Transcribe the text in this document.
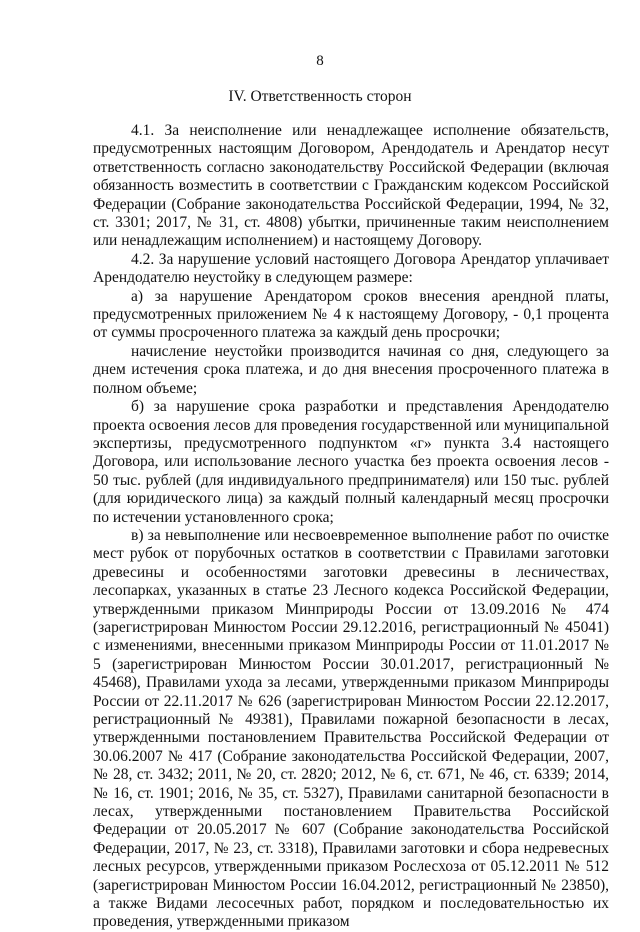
8
IV. Ответственность сторон

4.1. За неисполнение или ненадлежащее исполнение обязательств, предусмотренных настоящим Договором, Арендодатель и Арендатор несут ответственность согласно законодательству Российской Федерации (включая обязанность возместить в соответствии с Гражданским кодексом Российской Федерации (Собрание законодательства Российской Федерации, 1994, № 32, ст. 3301; 2017, № 31, ст. 4808) убытки, причиненные таким неисполнением или ненадлежащим исполнением) и настоящему Договору.

4.2. За нарушение условий настоящего Договора Арендатор уплачивает Арендодателю неустойку в следующем размере:

а) за нарушение Арендатором сроков внесения арендной платы, предусмотренных приложением № 4 к настоящему Договору, - 0,1 процента от суммы просроченного платежа за каждый день просрочки;

начисление неустойки производится начиная со дня, следующего за днем истечения срока платежа, и до дня внесения просроченного платежа в полном объеме;

б) за нарушение срока разработки и представления Арендодателю проекта освоения лесов для проведения государственной или муниципальной экспертизы, предусмотренного подпунктом «г» пункта 3.4 настоящего Договора, или использование лесного участка без проекта освоения лесов - 50 тыс. рублей (для индивидуального предпринимателя) или 150 тыс. рублей (для юридического лица) за каждый полный календарный месяц просрочки по истечении установленного срока;

в) за невыполнение или несвоевременное выполнение работ по очистке мест рубок от порубочных остатков в соответствии с Правилами заготовки древесины и особенностями заготовки древесины в лесничествах, лесопарках, указанных в статье 23 Лесного кодекса Российской Федерации, утвержденными приказом Минприроды России от 13.09.2016 № 474 (зарегистрирован Минюстом России 29.12.2016, регистрационный № 45041) с изменениями, внесенными приказом Минприроды России от 11.01.2017 № 5 (зарегистрирован Минюстом России 30.01.2017, регистрационный № 45468), Правилами ухода за лесами, утвержденными приказом Минприроды России от 22.11.2017 № 626 (зарегистрирован Минюстом России 22.12.2017, регистрационный № 49381), Правилами пожарной безопасности в лесах, утвержденными постановлением Правительства Российской Федерации от 30.06.2007 № 417 (Собрание законодательства Российской Федерации, 2007, № 28, ст. 3432; 2011, № 20, ст. 2820; 2012, № 6, ст. 671, № 46, ст. 6339; 2014, № 16, ст. 1901; 2016, № 35, ст. 5327), Правилами санитарной безопасности в лесах, утвержденными постановлением Правительства Российской Федерации от 20.05.2017 № 607 (Собрание законодательства Российской Федерации, 2017, № 23, ст. 3318), Правилами заготовки и сбора недревесных лесных ресурсов, утвержденными приказом Рослесхоза от 05.12.2011 № 512 (зарегистрирован Минюстом России 16.04.2012, регистрационный № 23850), а также Видами лесосечных работ, порядком и последовательностью их проведения, утвержденными приказом
